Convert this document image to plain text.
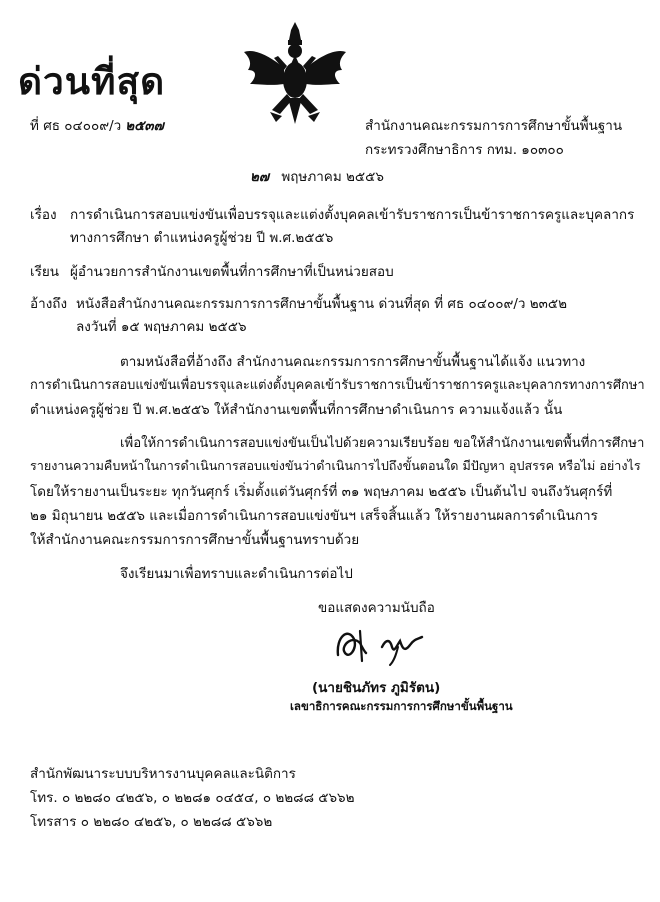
ด่วนที่สุด
ที่ ศธ ๐๔๐๐๙/ว ๒๕๓๗	สำนักงานคณะกรรมการการศึกษาขั้นพื้นฐาน
กระทรวงศึกษาธิการ กทม. ๑๐๓๐๐
๒๗ พฤษภาคม ๒๕๕๖
เรื่อง การดำเนินการสอบแข่งขันเพื่อบรรจุและแต่งตั้งบุคคลเข้ารับราชการเป็นข้าราชการครูและบุคลากร
ทางการศึกษา ตำแหน่งครูผู้ช่วย ปี พ.ศ.๒๕๕๖
เรียน ผู้อำนวยการสำนักงานเขตพื้นที่การศึกษาที่เป็นหน่วยสอบ
อ้างถึง หนังสือสำนักงานคณะกรรมการการศึกษาขั้นพื้นฐาน ด่วนที่สุด ที่ ศธ ๐๔๐๐๙/ว ๒๓๕๒
ลงวันที่ ๑๕ พฤษภาคม ๒๕๕๖
ตามหนังสือที่อ้างถึง สำนักงานคณะกรรมการการศึกษาขั้นพื้นฐานได้แจ้ง แนวทาง
การดำเนินการสอบแข่งขันเพื่อบรรจุและแต่งตั้งบุคคลเข้ารับราชการเป็นข้าราชการครูและบุคลากรทางการศึกษา
ตำแหน่งครูผู้ช่วย ปี พ.ศ.๒๕๕๖ ให้สำนักงานเขตพื้นที่การศึกษาดำเนินการ ความแจ้งแล้ว นั้น
เพื่อให้การดำเนินการสอบแข่งขันเป็นไปด้วยความเรียบร้อย ขอให้สำนักงานเขตพื้นที่การศึกษา
รายงานความคืบหน้าในการดำเนินการสอบแข่งขันว่าดำเนินการไปถึงขั้นตอนใด มีปัญหา อุปสรรค หรือไม่ อย่างไร
โดยให้รายงานเป็นระยะ ทุกวันศุกร์ เริ่มตั้งแต่วันศุกร์ที่ ๓๑ พฤษภาคม ๒๕๕๖ เป็นต้นไป จนถึงวันศุกร์ที่
๒๑ มิถุนายน ๒๕๕๖ และเมื่อการดำเนินการสอบแข่งขันฯ เสร็จสิ้นแล้ว ให้รายงานผลการดำเนินการ
ให้สำนักงานคณะกรรมการการศึกษาขั้นพื้นฐานทราบด้วย
จึงเรียนมาเพื่อทราบและดำเนินการต่อไป
ขอแสดงความนับถือ
(นายชินภัทร ภูมิรัตน)
เลขาธิการคณะกรรมการการศึกษาขั้นพื้นฐาน
สำนักพัฒนาระบบบริหารงานบุคคลและนิติการ
โทร. ๐ ๒๒๘๐ ๔๒๕๖, ๐ ๒๒๘๑ ๐๔๕๔, ๐ ๒๒๘๘ ๕๖๖๒
โทรสาร ๐ ๒๒๘๐ ๔๒๕๖, ๐ ๒๒๘๘ ๕๖๖๒
